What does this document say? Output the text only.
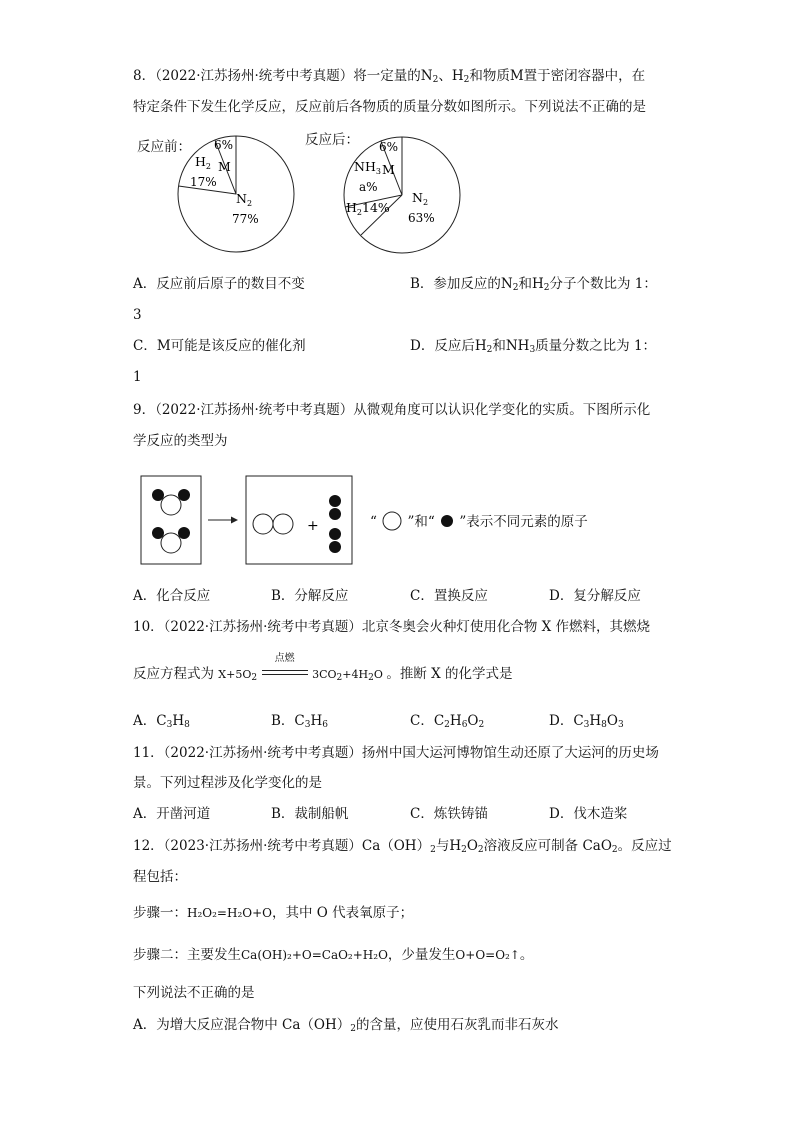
8．（2022·江苏扬州·统考中考真题）将一定量的$N_2$、$H_2$和物质M置于密闭容器中，在
特定条件下发生化学反应，反应前后各物质的质量分数如图所示。下列说法不正确的是
反应前：	反应后：
6%
M
$H_2$
17%
$N_2$
77%
6%
$NH_3$ M
a%
$H_214\%$
$N_2$
63%
A．反应前后原子的数目不变	B．参加反应的$N_2$和$H_2$分子个数比为 1：
3
C．M可能是该反应的催化剂	D．反应后$H_2$和$NH_3$质量分数之比为 1：
1
9．（2022·江苏扬州·统考中考真题）从微观角度可以认识化学变化的实质。下图所示化
学反应的类型为
+	“ ”和“ ”表示不同元素的原子
A．化合反应	B．分解反应	C．置换反应	D．复分解反应
10．（2022·江苏扬州·统考中考真题）北京冬奥会火种灯使用化合物 X 作燃料，其燃烧
反应方程式为 $X+5O_2$
点燃
$3CO_2+4H_2O$ 。推断 X 的化学式是
A．$C_3H_8$	B．$C_3H_6$	C．$C_2H_6O_2$	D．$C_3H_8O_3$
11．（2022·江苏扬州·统考中考真题）扬州中国大运河博物馆生动还原了大运河的历史场
景。下列过程涉及化学变化的是
A．开凿河道	B．裁制船帆	C．炼铁铸锚	D．伐木造桨
12．（2023·江苏扬州·统考中考真题）$Ca(OH)_2$与$H_2O_2$溶液反应可制备 CaO$_2$。反应过
程包括：
步骤一：H₂O₂=H₂O+O，其中 O 代表氧原子；
步骤二：主要发生Ca(OH)₂+O=CaO₂+H₂O，少量发生O+O=O₂↑。
下列说法不正确的是
A．为增大反应混合物中 $Ca(OH)_2$的含量，应使用石灰乳而非石灰水
